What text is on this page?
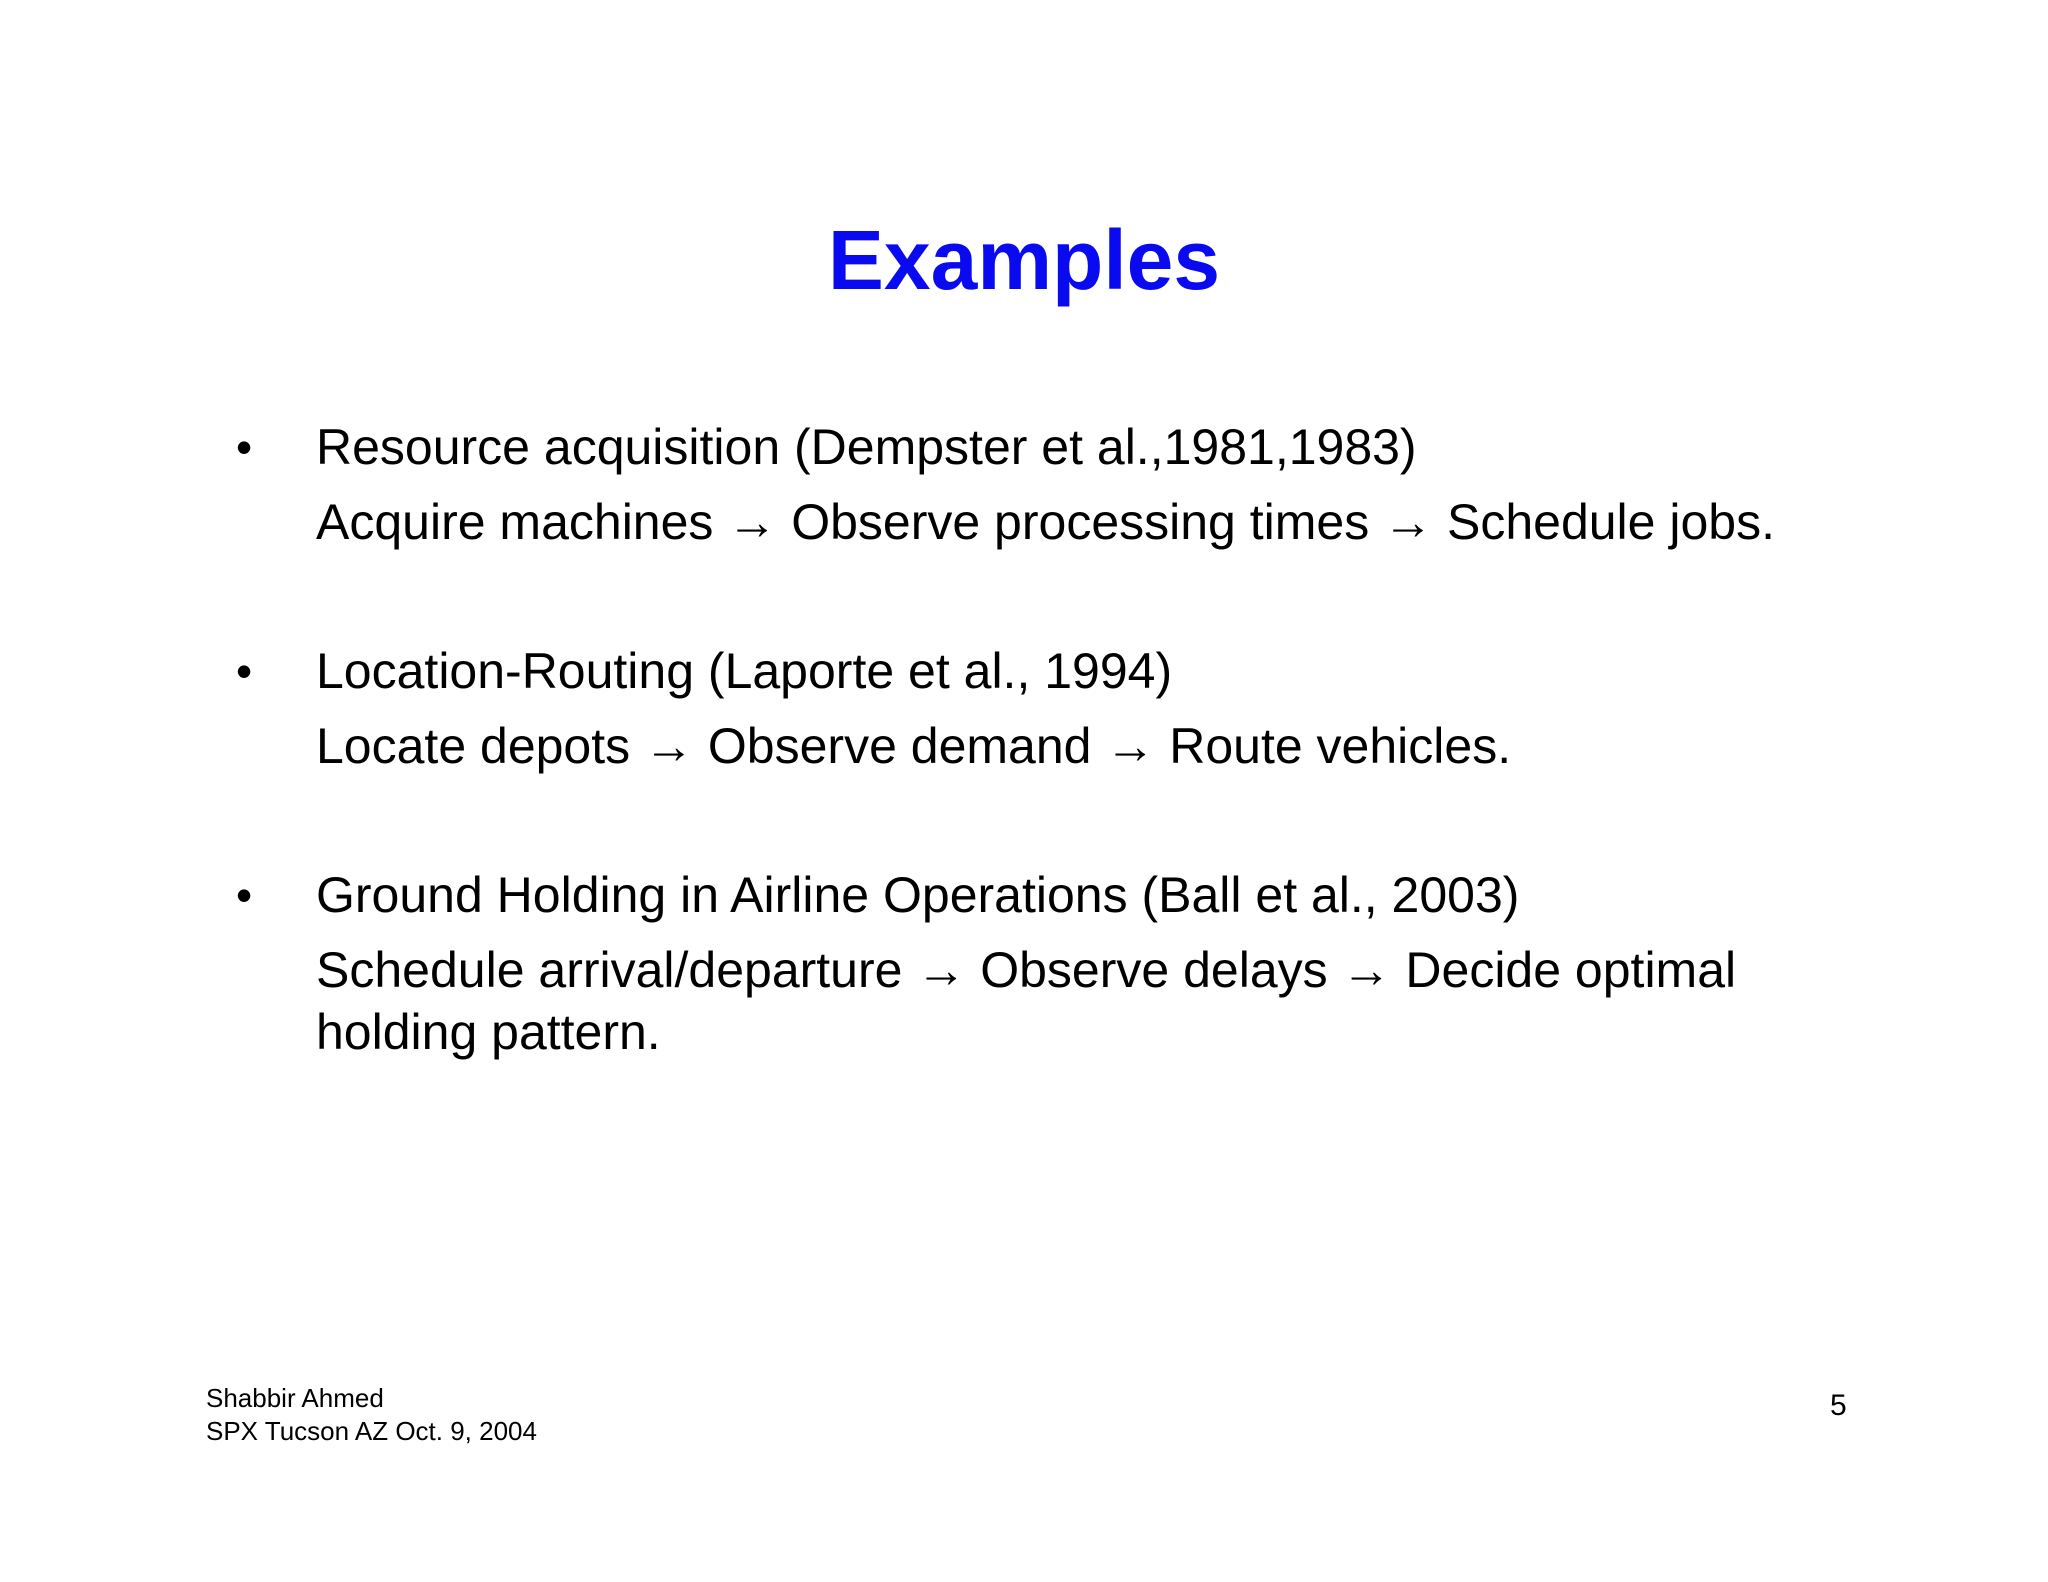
Examples
• Resource acquisition (Dempster et al.,1981,1983)
Acquire machines → Observe processing times → Schedule jobs.
• Location-Routing (Laporte et al., 1994)
Locate depots → Observe demand → Route vehicles.
• Ground Holding in Airline Operations (Ball et al., 2003)
Schedule arrival/departure → Observe delays → Decide optimal holding pattern.
Shabbir Ahmed
SPX Tucson AZ Oct. 9, 2004
5
